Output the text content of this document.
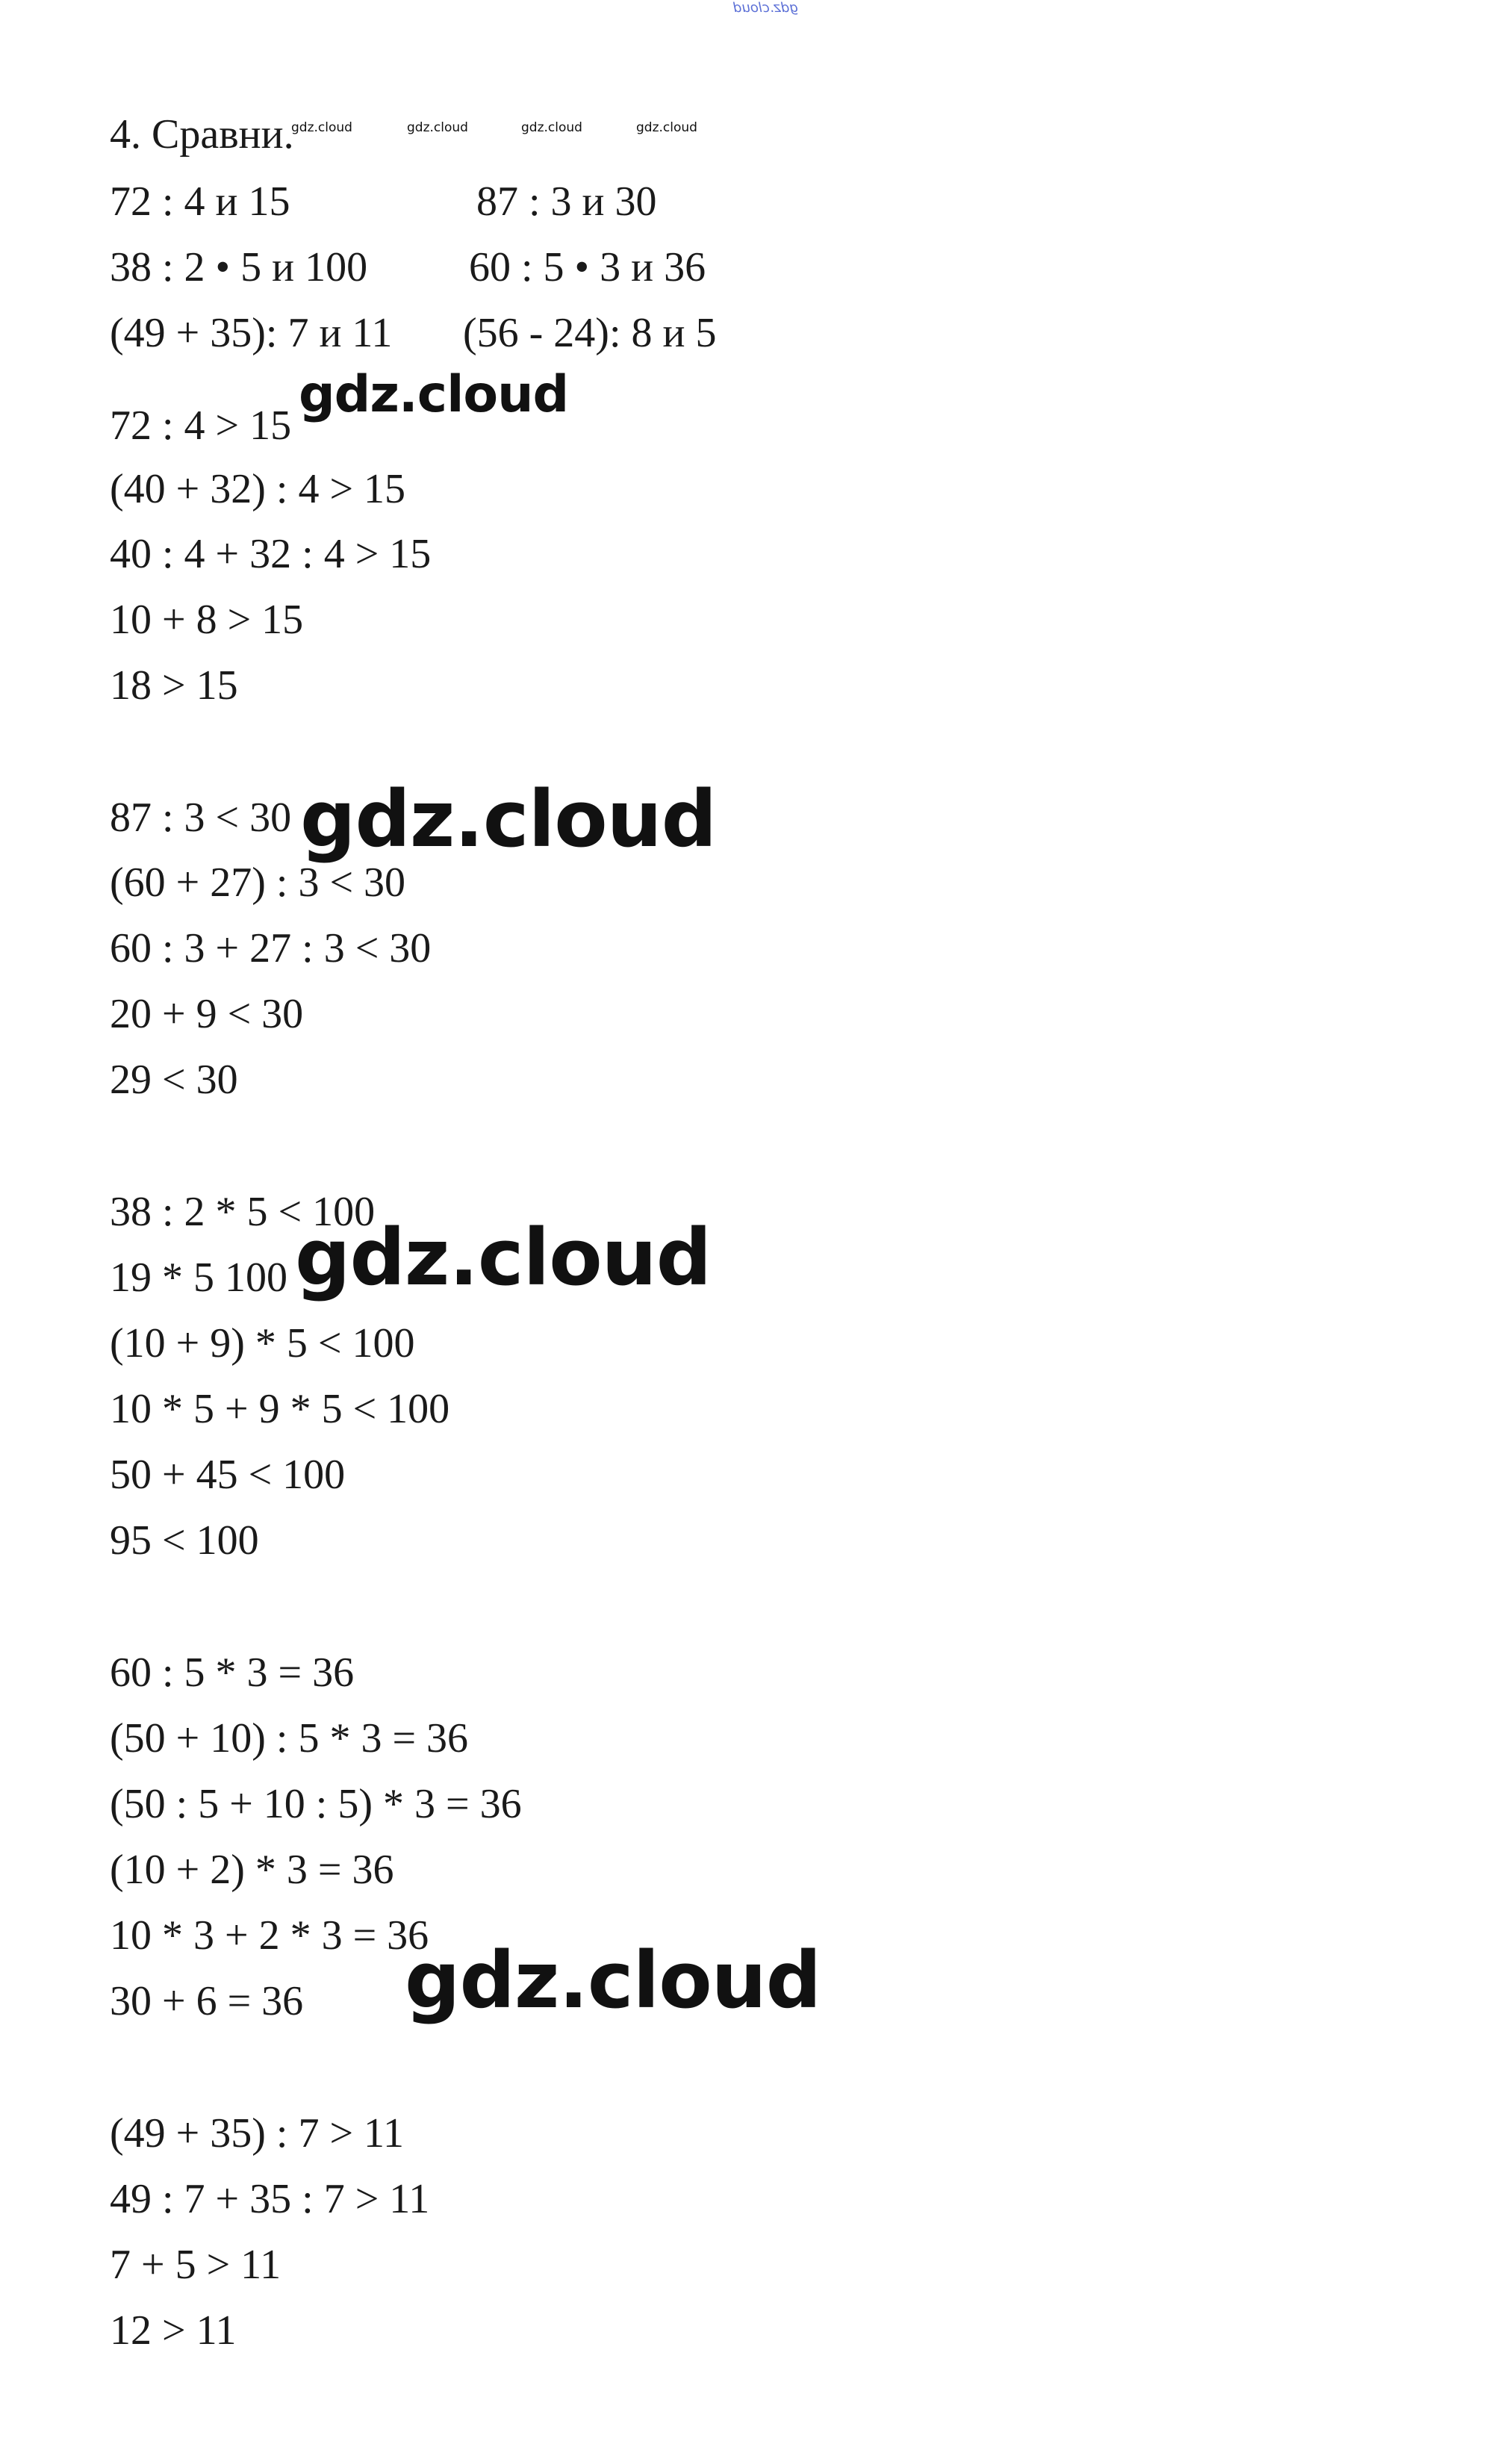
gdz.cloud
4. Сравни.
72 : 4 и 15	87 : 3 и 30
38 : 2 • 5 и 100 60 : 5 • 3 и 36
(49 + 35): 7 и 11 (56 - 24): 8 и 5
72 : 4 > 15
(40 + 32) : 4 > 15
40 : 4 + 32 : 4 > 15
10 + 8 > 15
18 > 15
87 : 3 < 30
(60 + 27) : 3 < 30
60 : 3 + 27 : 3 < 30
20 + 9 < 30
29 < 30
38 : 2 * 5 < 100
19 * 5 100
(10 + 9) * 5 < 100
10 * 5 + 9 * 5 < 100
50 + 45 < 100
95 < 100
60 : 5 * 3 = 36
(50 + 10) : 5 * 3 = 36
(50 : 5 + 10 : 5) * 3 = 36
(10 + 2) * 3 = 36
10 * 3 + 2 * 3 = 36
30 + 6 = 36
(49 + 35) : 7 > 11
49 : 7 + 35 : 7 > 11
7 + 5 > 11
12 > 11
gdz.cloud	gdz.cloud	gdz.cloud	gdz.cloud
gdz.cloud
gdz.cloud
gdz.cloud
gdz.cloud
